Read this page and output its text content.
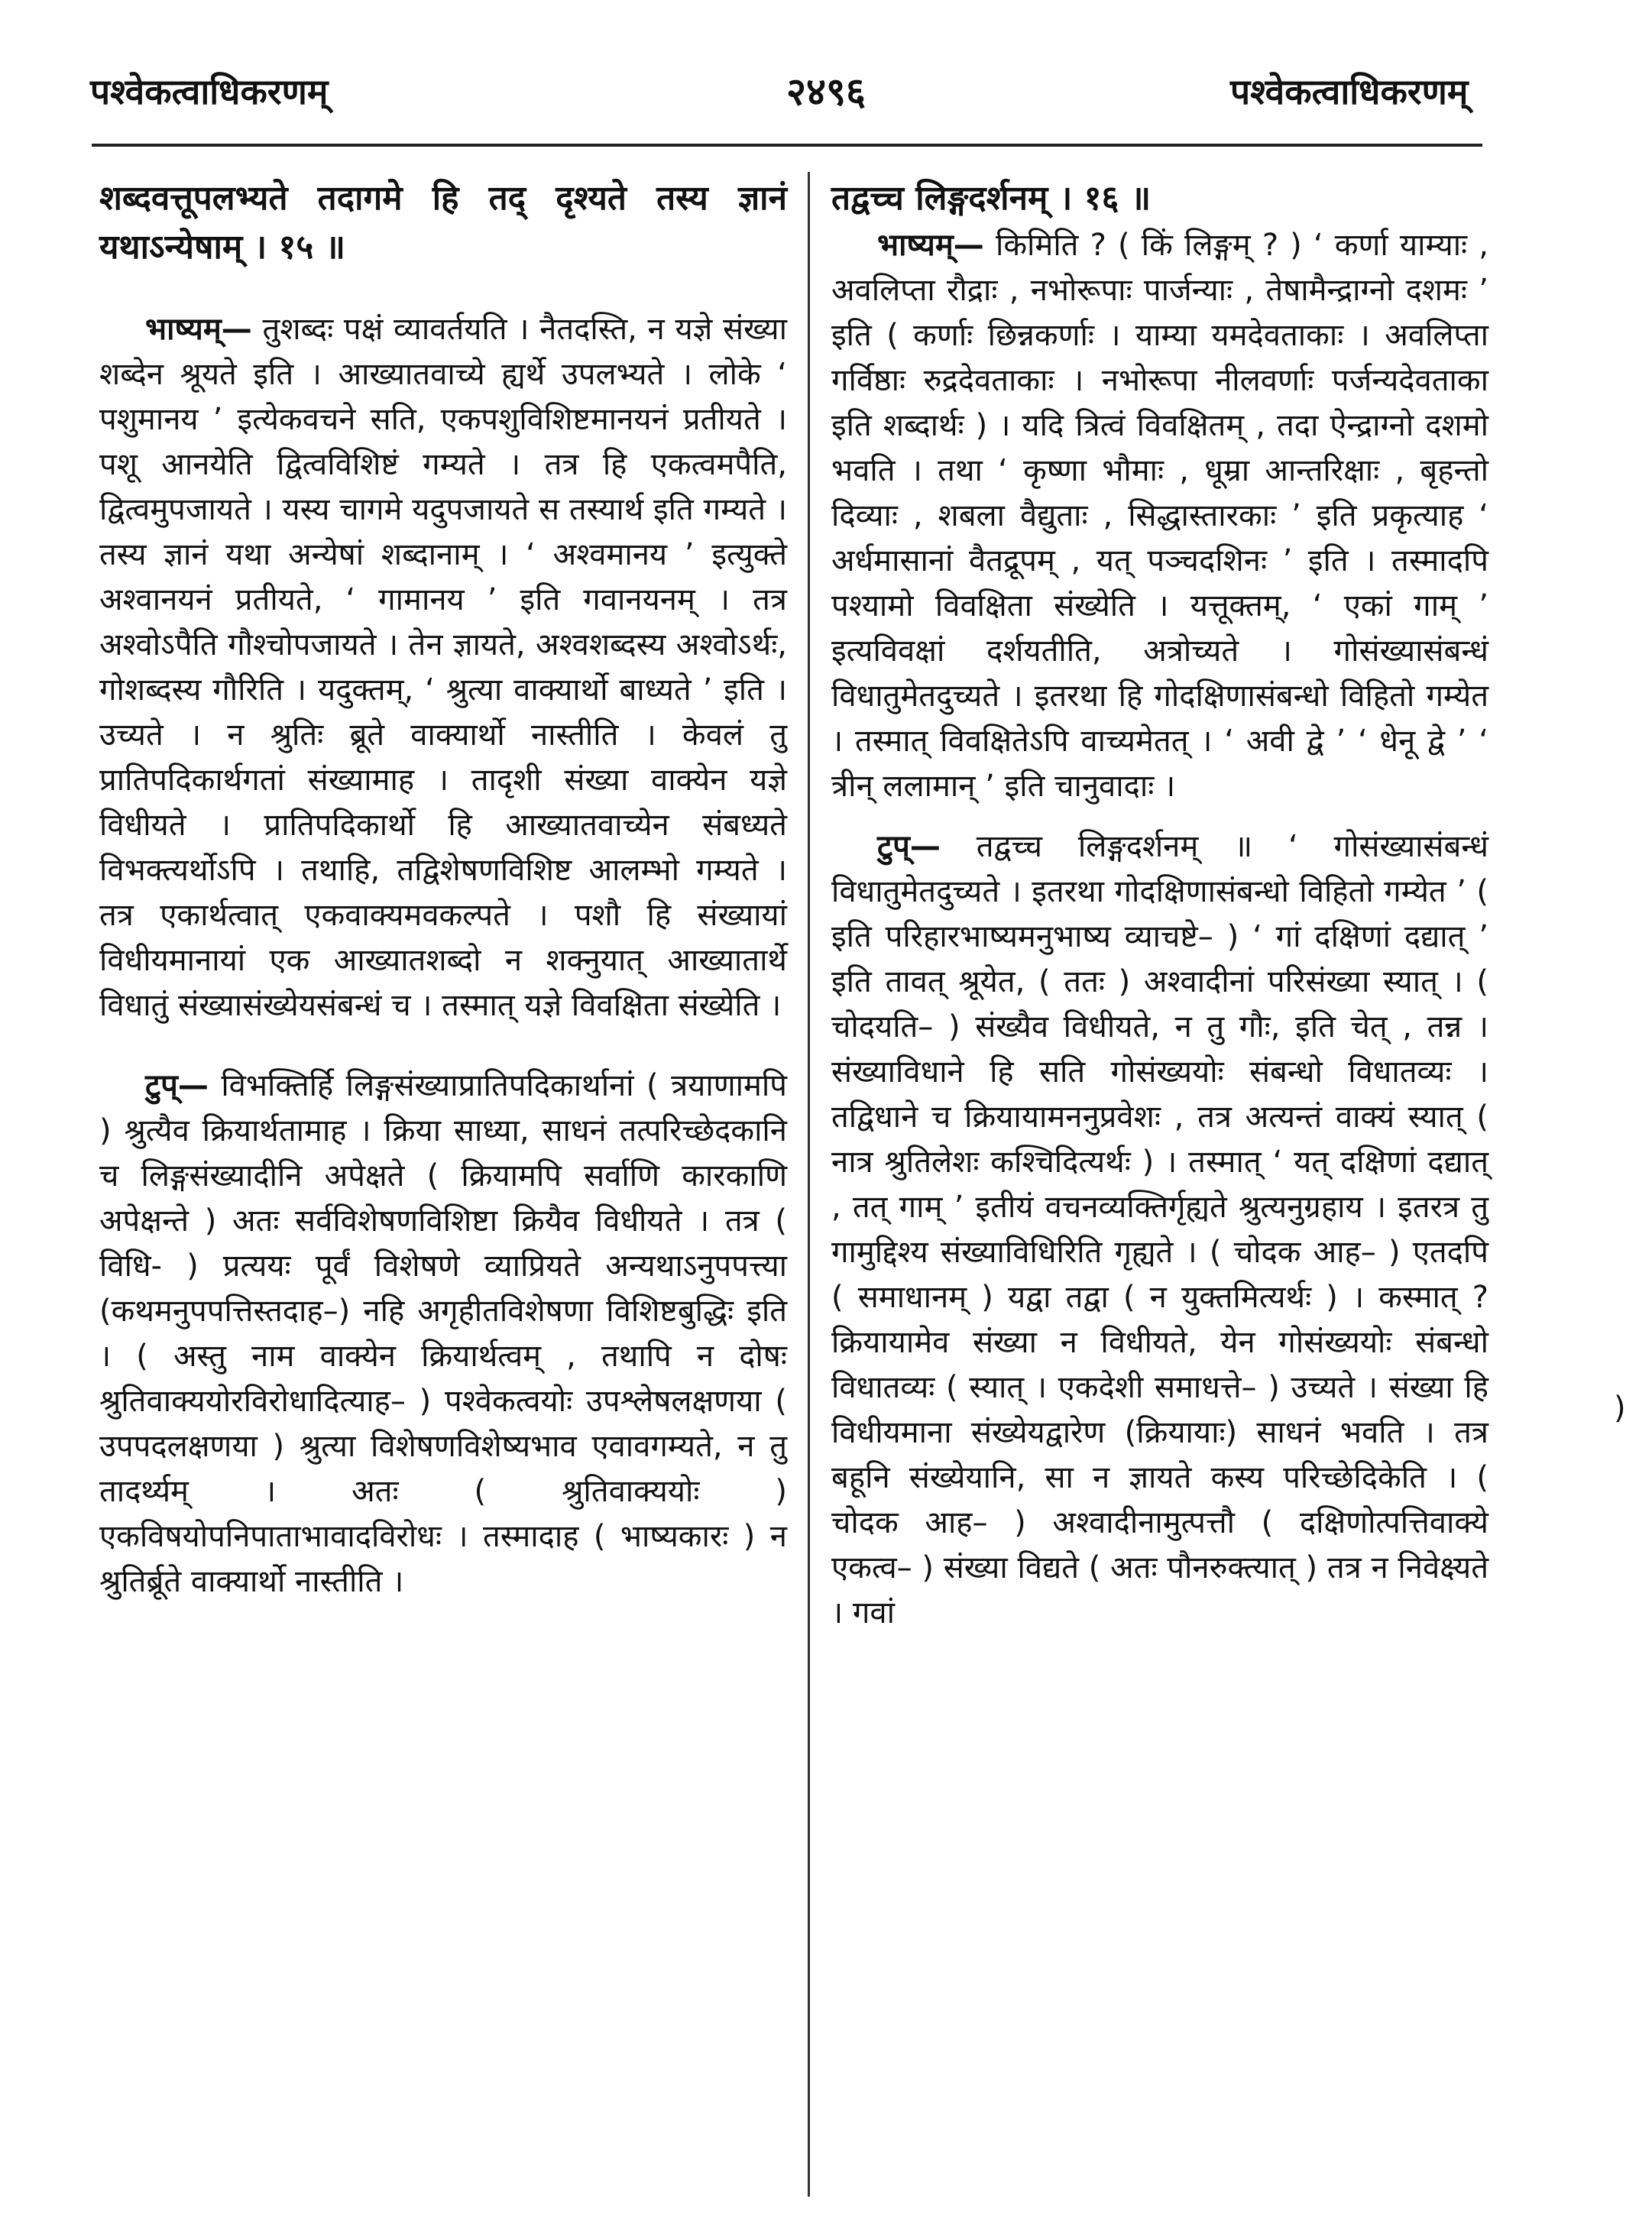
पश्वेकत्वाधिकरणम्	२४९६	पश्वेकत्वाधिकरणम्

शब्दवत्तूपलभ्यते तदागमे हि तद् दृश्यते तस्य ज्ञानं यथाऽन्येषाम् । १५ ॥

भाष्यम्— तुशब्दः पक्षं व्यावर्तयति । नैतदस्ति, न यज्ञे संख्या शब्देन श्रूयते इति । आख्यातवाच्ये ह्यर्थे उपलभ्यते । लोके ‘ पशुमानय ’ इत्येकवचने सति, एकपशुविशिष्टमानयनं प्रतीयते । पशू आनयेति द्वित्वविशिष्टं गम्यते । तत्र हि एकत्वमपैति, द्वित्वमुपजायते । यस्य चागमे यदुपजायते स तस्यार्थ इति गम्यते । तस्य ज्ञानं यथा अन्येषां शब्दानाम् । ‘ अश्वमानय ’ इत्युक्ते अश्वानयनं प्रतीयते, ‘ गामानय ’ इति गवानयनम् । तत्र अश्वोऽपैति गौश्चोपजायते । तेन ज्ञायते, अश्वशब्दस्य अश्वोऽर्थः, गोशब्दस्य गौरिति । यदुक्तम्, ‘ श्रुत्या वाक्यार्थो बाध्यते ’ इति । उच्यते । न श्रुतिः ब्रूते वाक्यार्थो नास्तीति । केवलं तु प्रातिपदिकार्थगतां संख्यामाह । तादृशी संख्या वाक्येन यज्ञे विधीयते । प्रातिपदिकार्थो हि आख्यातवाच्येन संबध्यते विभक्त्यर्थोऽपि । तथाहि, तद्विशेषणविशिष्ट आलम्भो गम्यते । तत्र एकार्थत्वात् एकवाक्यमवकल्पते । पशौ हि संख्यायां विधीयमानायां एक आख्यातशब्दो न शक्नुयात् आख्यातार्थे विधातुं संख्यासंख्येयसंबन्धं च । तस्मात् यज्ञे विवक्षिता संख्येति ।

टुप्— विभक्तिर्हि लिङ्गसंख्याप्रातिपदिकार्थानां ( त्रयाणामपि ) श्रुत्यैव क्रियार्थतामाह । क्रिया साध्या, साधनं तत्परिच्छेदकानि च लिङ्गसंख्यादीनि अपेक्षते ( क्रियामपि सर्वाणि कारकाणि अपेक्षन्ते ) अतः सर्वविशेषणविशिष्टा क्रियैव विधीयते । तत्र ( विधि- ) प्रत्ययः पूर्वं विशेषणे व्याप्रियते अन्यथाऽनुपपत्त्या (कथमनुपपत्तिस्तदाह–) नहि अगृहीतविशेषणा विशिष्टबुद्धिः इति । ( अस्तु नाम वाक्येन क्रियार्थत्वम् , तथापि न दोषः श्रुतिवाक्ययोरविरोधादित्याह– ) पश्वेकत्वयोः उपश्लेषलक्षणया ( उपपदलक्षणया ) श्रुत्या विशेषणविशेष्यभाव एवावगम्यते, न तु तादर्थ्यम् । अतः ( श्रुतिवाक्ययोः ) एकविषयोपनिपाताभावादविरोधः । तस्मादाह ( भाष्यकारः ) न श्रुतिर्ब्रूते वाक्यार्थो नास्तीति ।

तद्वच्च लिङ्गदर्शनम् । १६ ॥

भाष्यम्— किमिति ? ( किं लिङ्गम् ? ) ‘ कर्णा याम्याः , अवलिप्ता रौद्राः , नभोरूपाः पार्जन्याः , तेषामैन्द्राग्नो दशमः ’ इति ( कर्णाः छिन्नकर्णाः । याम्या यमदेवताकाः । अवलिप्ता गर्विष्ठाः रुद्रदेवताकाः । नभोरूपा नीलवर्णाः पर्जन्यदेवताका इति शब्दार्थः ) । यदि त्रित्वं विवक्षितम् , तदा ऐन्द्राग्नो दशमो भवति । तथा ‘ कृष्णा भौमाः , धूम्रा आन्तरिक्षाः , बृहन्तो दिव्याः , शबला वैद्युताः , सिद्धास्तारकाः ’ इति प्रकृत्याह ‘ अर्धमासानां वैतद्रूपम् , यत् पञ्चदशिनः ’ इति । तस्मादपि पश्यामो विवक्षिता संख्येति । यत्तूक्तम्, ‘ एकां गाम् ’ इत्यविवक्षां दर्शयतीति, अत्रोच्यते । गोसंख्यासंबन्धं विधातुमेतदुच्यते । इतरथा हि गोदक्षिणासंबन्धो विहितो गम्येत । तस्मात् विवक्षितेऽपि वाच्यमेतत् । ‘ अवी द्वे ’ ‘ धेनू द्वे ’ ‘ त्रीन् ललामान् ’ इति चानुवादाः ।

टुप्— तद्वच्च लिङ्गदर्शनम् ॥ ‘ गोसंख्यासंबन्धं विधातुमेतदुच्यते । इतरथा गोदक्षिणासंबन्धो विहितो गम्येत ’ ( इति परिहारभाष्यमनुभाष्य व्याचष्टे– ) ‘ गां दक्षिणां दद्यात् ’ इति तावत् श्रूयेत, ( ततः ) अश्वादीनां परिसंख्या स्यात् । ( चोदयति– ) संख्यैव विधीयते, न तु गौः, इति चेत् , तन्न । संख्याविधाने हि सति गोसंख्ययोः संबन्धो विधातव्यः । तद्विधाने च क्रियायामननुप्रवेशः , तत्र अत्यन्तं वाक्यं स्यात् ( नात्र श्रुतिलेशः कश्चिदित्यर्थः ) । तस्मात् ‘ यत् दक्षिणां दद्यात् , तत् गाम् ’ इतीयं वचनव्यक्तिर्गृह्यते श्रुत्यनुग्रहाय । इतरत्र तु गामुद्दिश्य संख्याविधिरिति गृह्यते । ( चोदक आह– ) एतदपि ( समाधानम् ) यद्वा तद्वा ( न युक्तमित्यर्थः ) । कस्मात् ? क्रियायामेव संख्या न विधीयते, येन गोसंख्ययोः संबन्धो विधातव्यः ( स्यात् । एकदेशी समाधत्ते– ) उच्यते । संख्या हि विधीयमाना संख्येयद्वारेण (क्रियायाः) साधनं भवति । तत्र बहूनि संख्येयानि, सा न ज्ञायते कस्य परिच्छेदिकेति । ( चोदक आह– ) अश्वादीनामुत्पत्तौ ( दक्षिणोत्पत्तिवाक्ये एकत्व– ) संख्या विद्यते ( अतः पौनरुक्त्यात् ) तत्र न निवेक्ष्यते । गवां

)
